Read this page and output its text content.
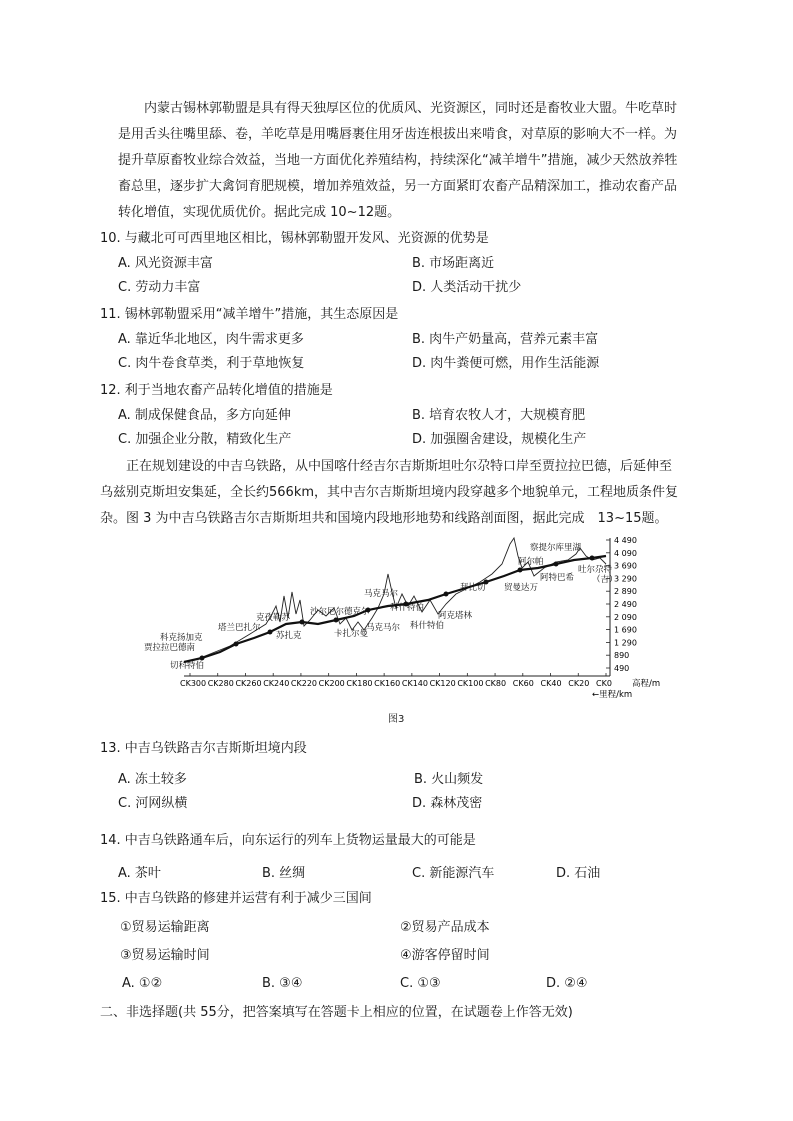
内蒙古锡林郭勒盟是具有得天独厚区位的优质风、光资源区，同时还是畜牧业大盟。牛吃草时是用舌头往嘴里舔、卷，羊吃草是用嘴唇裹住用牙齿连根拔出来啃食，对草原的影响大不一样。为提升草原畜牧业综合效益，当地一方面优化养殖结构，持续深化“减羊增牛”措施，减少天然放养牲畜总里，逐步扩大禽饲育肥规模，增加养殖效益，另一方面紧盯农畜产品精深加工，推动农畜产品转化增值，实现优质优价。据此完成 10~12题。
10. 与藏北可可西里地区相比，锡林郭勒盟开发风、光资源的优势是
A. 风光资源丰富	B. 市场距离近
C. 劳动力丰富	D. 人类活动干扰少
11. 锡林郭勒盟采用“减羊增牛”措施，其生态原因是
A. 靠近华北地区，肉牛需求更多	B. 肉牛产奶量高，营养元素丰富
C. 肉牛卷食草类，利于草地恢复	D. 肉牛粪便可燃，用作生活能源
12. 利于当地农畜产品转化增值的措施是
A. 制成保健食品，多方向延伸	B. 培育农牧人才，大规模育肥
C. 加强企业分散，精致化生产	D. 加强圈舍建设，规模化生产
正在规划建设的中吉乌铁路，从中国喀什经吉尔吉斯斯坦吐尔尕特口岸至贾拉拉巴德，后延伸至乌兹别克斯坦安集延，全长约566km，其中吉尔吉斯斯坦境内段穿越多个地貌单元，工程地质条件复杂。图 3 为中吉乌铁路吉尔吉斯斯坦共和国境内段地形地势和线路剖面图，据此完成　13~15题。
490
890
1 290
1 690
2 090
2 490
2 890
3 290
3 690
4 090
4 490
CK300 CK280 CK260 CK240 CK220 CK200 CK180 CK160 CK140 CK120 CK100 CK80 CK60 CK40 CK20 CK0
贾拉拉巴德南
切科特伯
科克扬加克
塔兰巴扎尔
克孜勒苏
苏扎克
沙尔尼尔德克尔
卡扎尔曼
马克马尔
马克马尔
科什特伯
阿克塔林
科什特伯
拜比切 贸曼达万
阿尔帕
察提尔库里湖
阿特巴希
吐尔尕特
（吉）
高程/m
←里程/km
图3
13. 中吉乌铁路吉尔吉斯斯坦境内段
A. 冻土较多	B. 火山频发
C. 河网纵横	D. 森林茂密
14. 中吉乌铁路通车后，向东运行的列车上货物运量最大的可能是
A. 茶叶	B. 丝绸	C. 新能源汽车	D. 石油
15. 中吉乌铁路的修建并运营有利于减少三国间
①贸易运输距离	②贸易产品成本
③贸易运输时间	④游客停留时间
A. ①②	B. ③④	C. ①③	D. ②④
二、非选择题(共 55分，把答案填写在答题卡上相应的位置，在试题卷上作答无效)
